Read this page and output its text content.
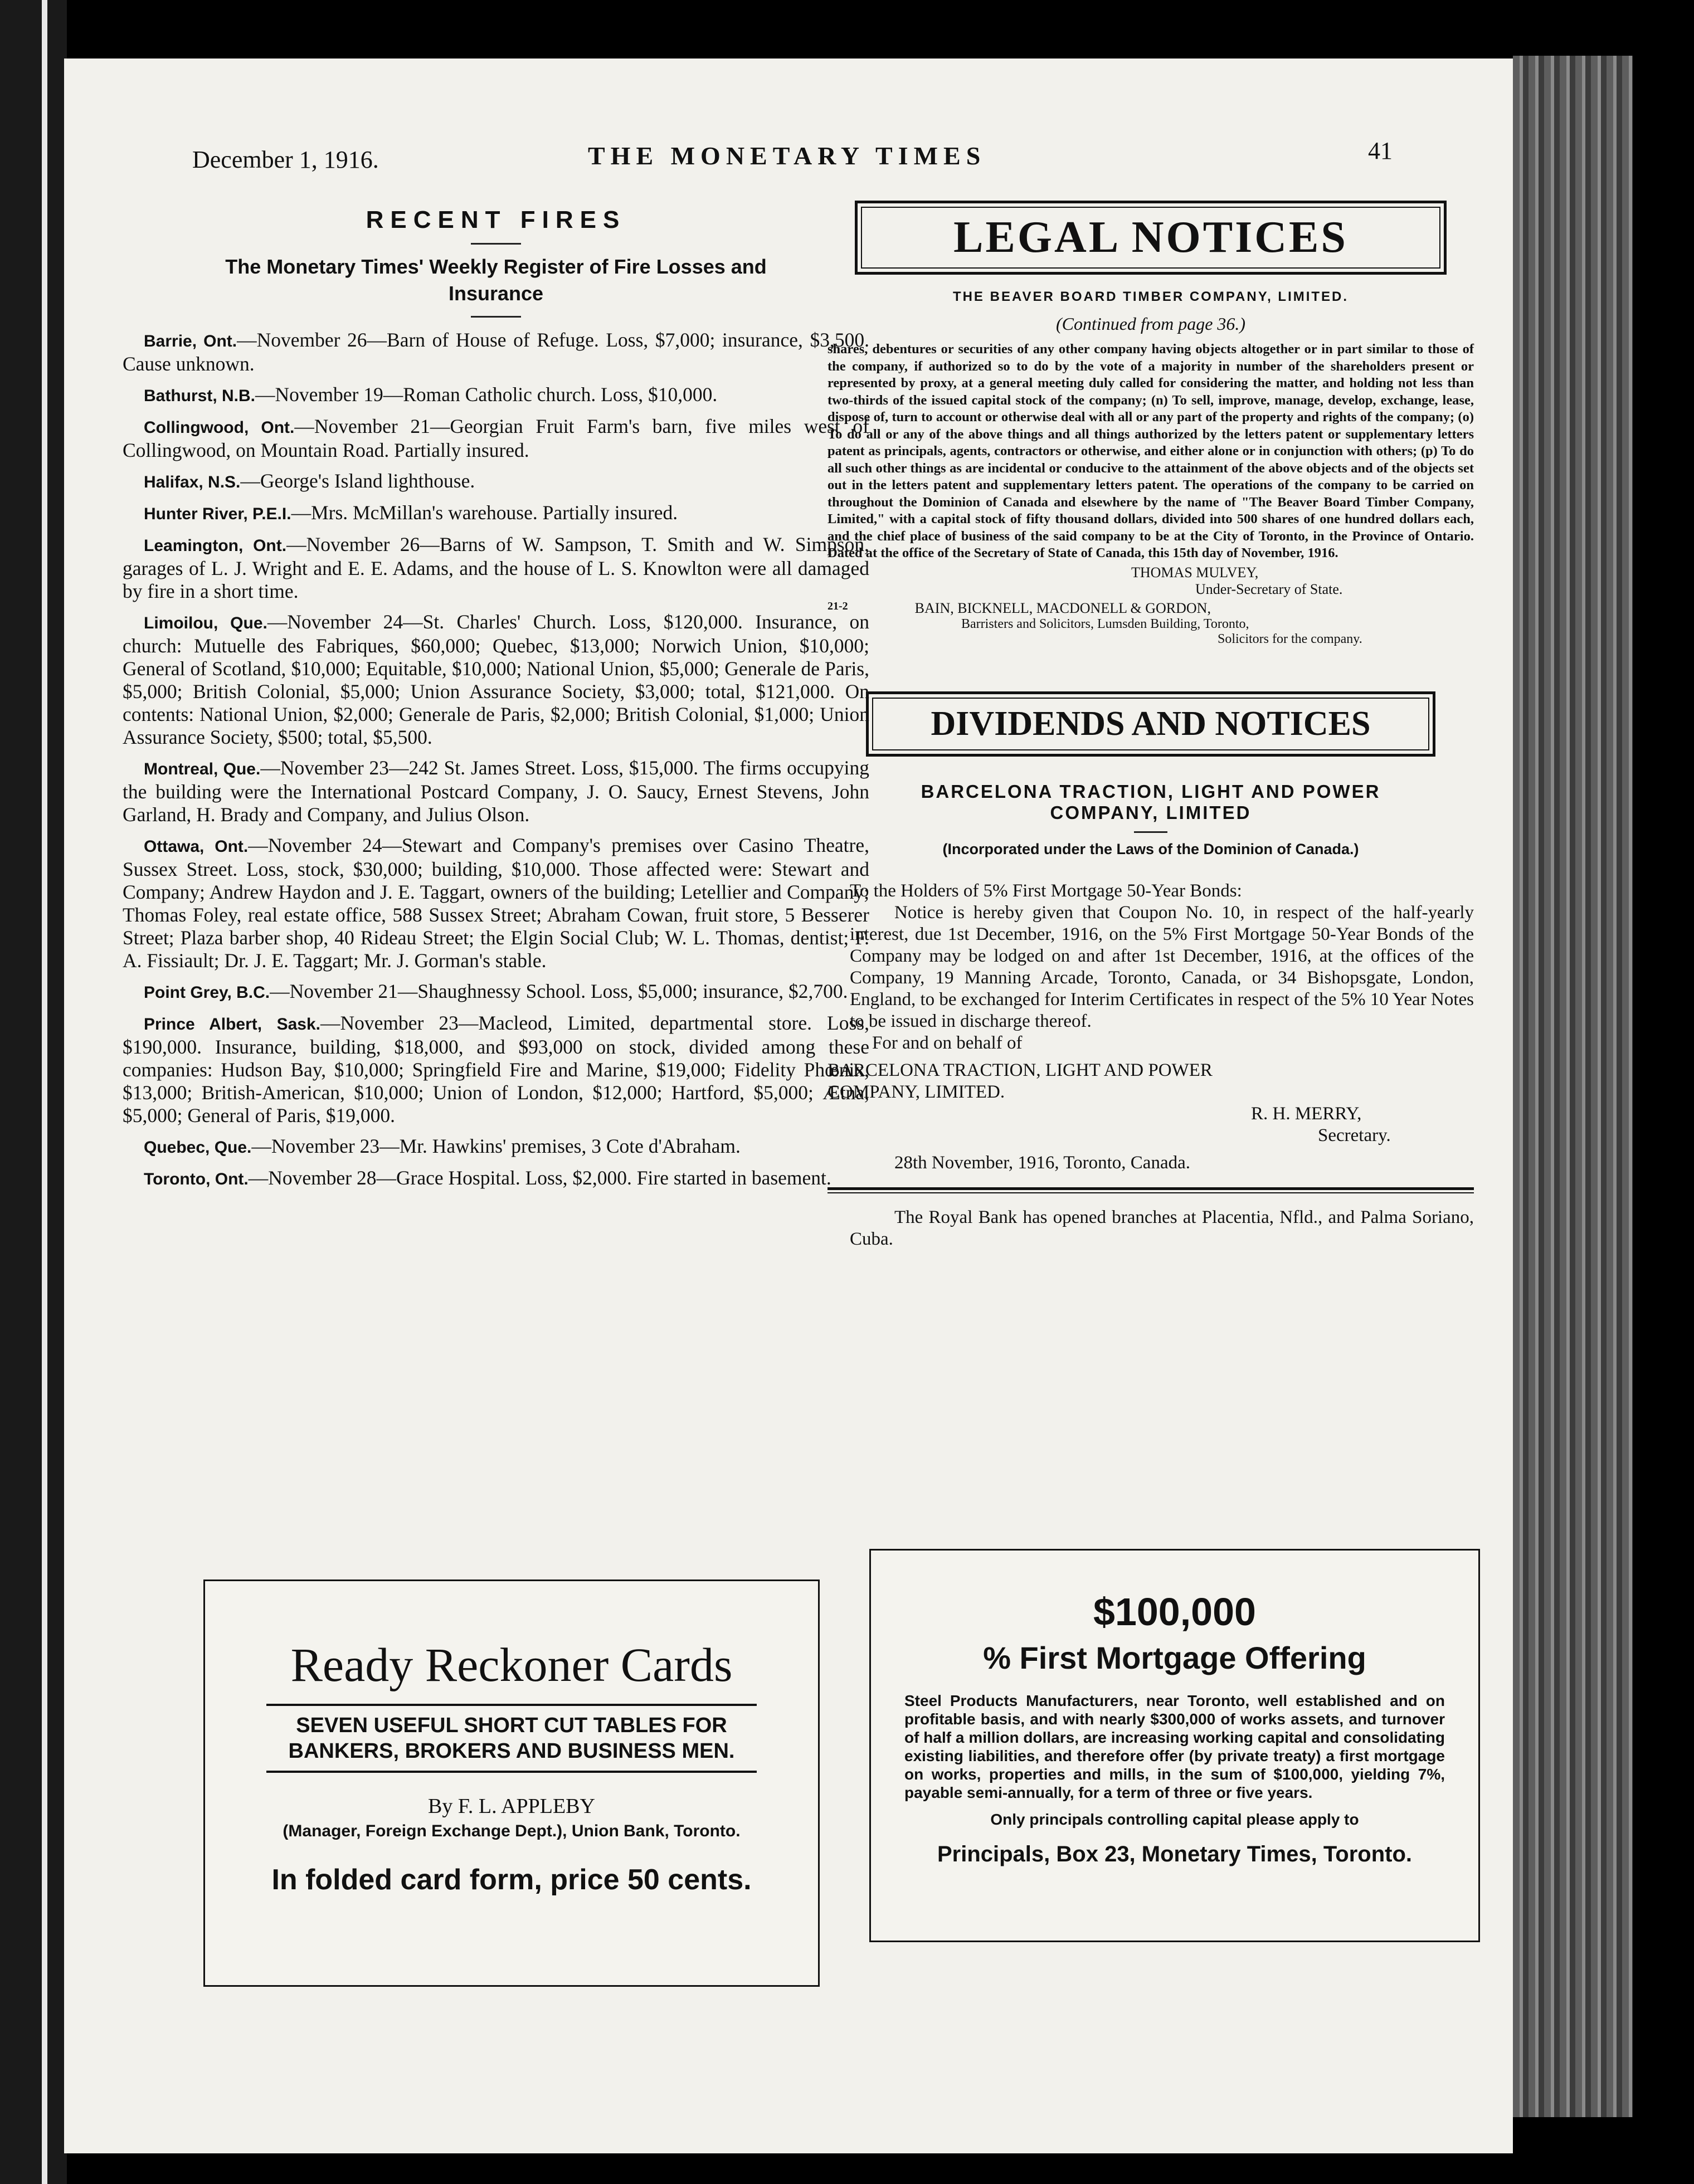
December 1, 1916.	THE MONETARY TIMES	41
RECENT FIRES
The Monetary Times' Weekly Register of Fire Losses and Insurance

Barrie, Ont.—November 26—Barn of House of Refuge. Loss, $7,000; insurance, $3,500. Cause unknown.

Bathurst, N.B.—November 19—Roman Catholic church. Loss, $10,000.

Collingwood, Ont.—November 21—Georgian Fruit Farm's barn, five miles west of Collingwood, on Mountain Road. Partially insured.

Halifax, N.S.—George's Island lighthouse.

Hunter River, P.E.I.—Mrs. McMillan's warehouse. Partially insured.

Leamington, Ont.—November 26—Barns of W. Sampson, T. Smith and W. Simpson, garages of L. J. Wright and E. E. Adams, and the house of L. S. Knowlton were all damaged by fire in a short time.

Limoilou, Que.—November 24—St. Charles' Church. Loss, $120,000. Insurance, on church: Mutuelle des Fabriques, $60,000; Quebec, $13,000; Norwich Union, $10,000; General of Scotland, $10,000; Equitable, $10,000; National Union, $5,000; Generale de Paris, $5,000; British Colonial, $5,000; Union Assurance Society, $3,000; total, $121,000. On contents: National Union, $2,000; Generale de Paris, $2,000; British Colonial, $1,000; Union Assurance Society, $500; total, $5,500.

Montreal, Que.—November 23—242 St. James Street. Loss, $15,000. The firms occupying the building were the International Postcard Company, J. O. Saucy, Ernest Stevens, John Garland, H. Brady and Company, and Julius Olson.

Ottawa, Ont.—November 24—Stewart and Company's premises over Casino Theatre, Sussex Street. Loss, stock, $30,000; building, $10,000. Those affected were: Stewart and Company; Andrew Haydon and J. E. Taggart, owners of the building; Letellier and Company; Thomas Foley, real estate office, 588 Sussex Street; Abraham Cowan, fruit store, 5 Besserer Street; Plaza barber shop, 40 Rideau Street; the Elgin Social Club; W. L. Thomas, dentist; F. A. Fissiault; Dr. J. E. Taggart; Mr. J. Gorman's stable.

Point Grey, B.C.—November 21—Shaughnessy School. Loss, $5,000; insurance, $2,700.

Prince Albert, Sask.—November 23—Macleod, Limited, departmental store. Loss, $190,000. Insurance, building, $18,000, and $93,000 on stock, divided among these companies: Hudson Bay, $10,000; Springfield Fire and Marine, $19,000; Fidelity Phœnix, $13,000; British-American, $10,000; Union of London, $12,000; Hartford, $5,000; Ætna, $5,000; General of Paris, $19,000.

Quebec, Que.—November 23—Mr. Hawkins' premises, 3 Cote d'Abraham.

Toronto, Ont.—November 28—Grace Hospital. Loss, $2,000. Fire started in basement.

LEGAL NOTICES
THE BEAVER BOARD TIMBER COMPANY, LIMITED.
(Continued from page 36.)
shares, debentures or securities of any other company having objects altogether or in part similar to those of the company, if authorized so to do by the vote of a majority in number of the shareholders present or represented by proxy, at a general meeting duly called for considering the matter, and holding not less than two-thirds of the issued capital stock of the company; (n) To sell, improve, manage, develop, exchange, lease, dispose of, turn to account or otherwise deal with all or any part of the property and rights of the company; (o) To do all or any of the above things and all things authorized by the letters patent or supplementary letters patent as principals, agents, contractors or otherwise, and either alone or in conjunction with others; (p) To do all such other things as are incidental or conducive to the attainment of the above objects and of the objects set out in the letters patent and supplementary letters patent. The operations of the company to be carried on throughout the Dominion of Canada and elsewhere by the name of "The Beaver Board Timber Company, Limited," with a capital stock of fifty thousand dollars, divided into 500 shares of one hundred dollars each, and the chief place of business of the said company to be at the City of Toronto, in the Province of Ontario. Dated at the office of the Secretary of State of Canada, this 15th day of November, 1916.
THOMAS MULVEY,
Under-Secretary of State.
21-2	BAIN, BICKNELL, MACDONELL & GORDON,
Barristers and Solicitors, Lumsden Building, Toronto,
Solicitors for the company.
DIVIDENDS AND NOTICES
BARCELONA TRACTION, LIGHT AND POWER
COMPANY, LIMITED
(Incorporated under the Laws of the Dominion of Canada.)
To the Holders of 5% First Mortgage 50-Year Bonds:
Notice is hereby given that Coupon No. 10, in respect of the half-yearly interest, due 1st December, 1916, on the 5% First Mortgage 50-Year Bonds of the Company may be lodged on and after 1st December, 1916, at the offices of the Company, 19 Manning Arcade, Toronto, Canada, or 34 Bishopsgate, London, England, to be exchanged for Interim Certificates in respect of the 5% 10 Year Notes to be issued in discharge thereof.
For and on behalf of
BARCELONA TRACTION, LIGHT AND POWER
COMPANY, LIMITED.
R. H. MERRY,
Secretary.
28th November, 1916, Toronto, Canada.
The Royal Bank has opened branches at Placentia, Nfld., and Palma Soriano, Cuba.
Ready Reckoner Cards
SEVEN USEFUL SHORT CUT TABLES FOR
BANKERS, BROKERS AND BUSINESS MEN.
By F. L. APPLEBY
(Manager, Foreign Exchange Dept.), Union Bank, Toronto.
In folded card form, price 50 cents.
$100,000
% First Mortgage Offering
Steel Products Manufacturers, near Toronto, well established and on profitable basis, and with nearly $300,000 of works assets, and turnover of half a million dollars, are increasing working capital and consolidating existing liabilities, and therefore offer (by private treaty) a first mortgage on works, properties and mills, in the sum of $100,000, yielding 7%, payable semi-annually, for a term of three or five years.
Only principals controlling capital please apply to
Principals, Box 23, Monetary Times, Toronto.
